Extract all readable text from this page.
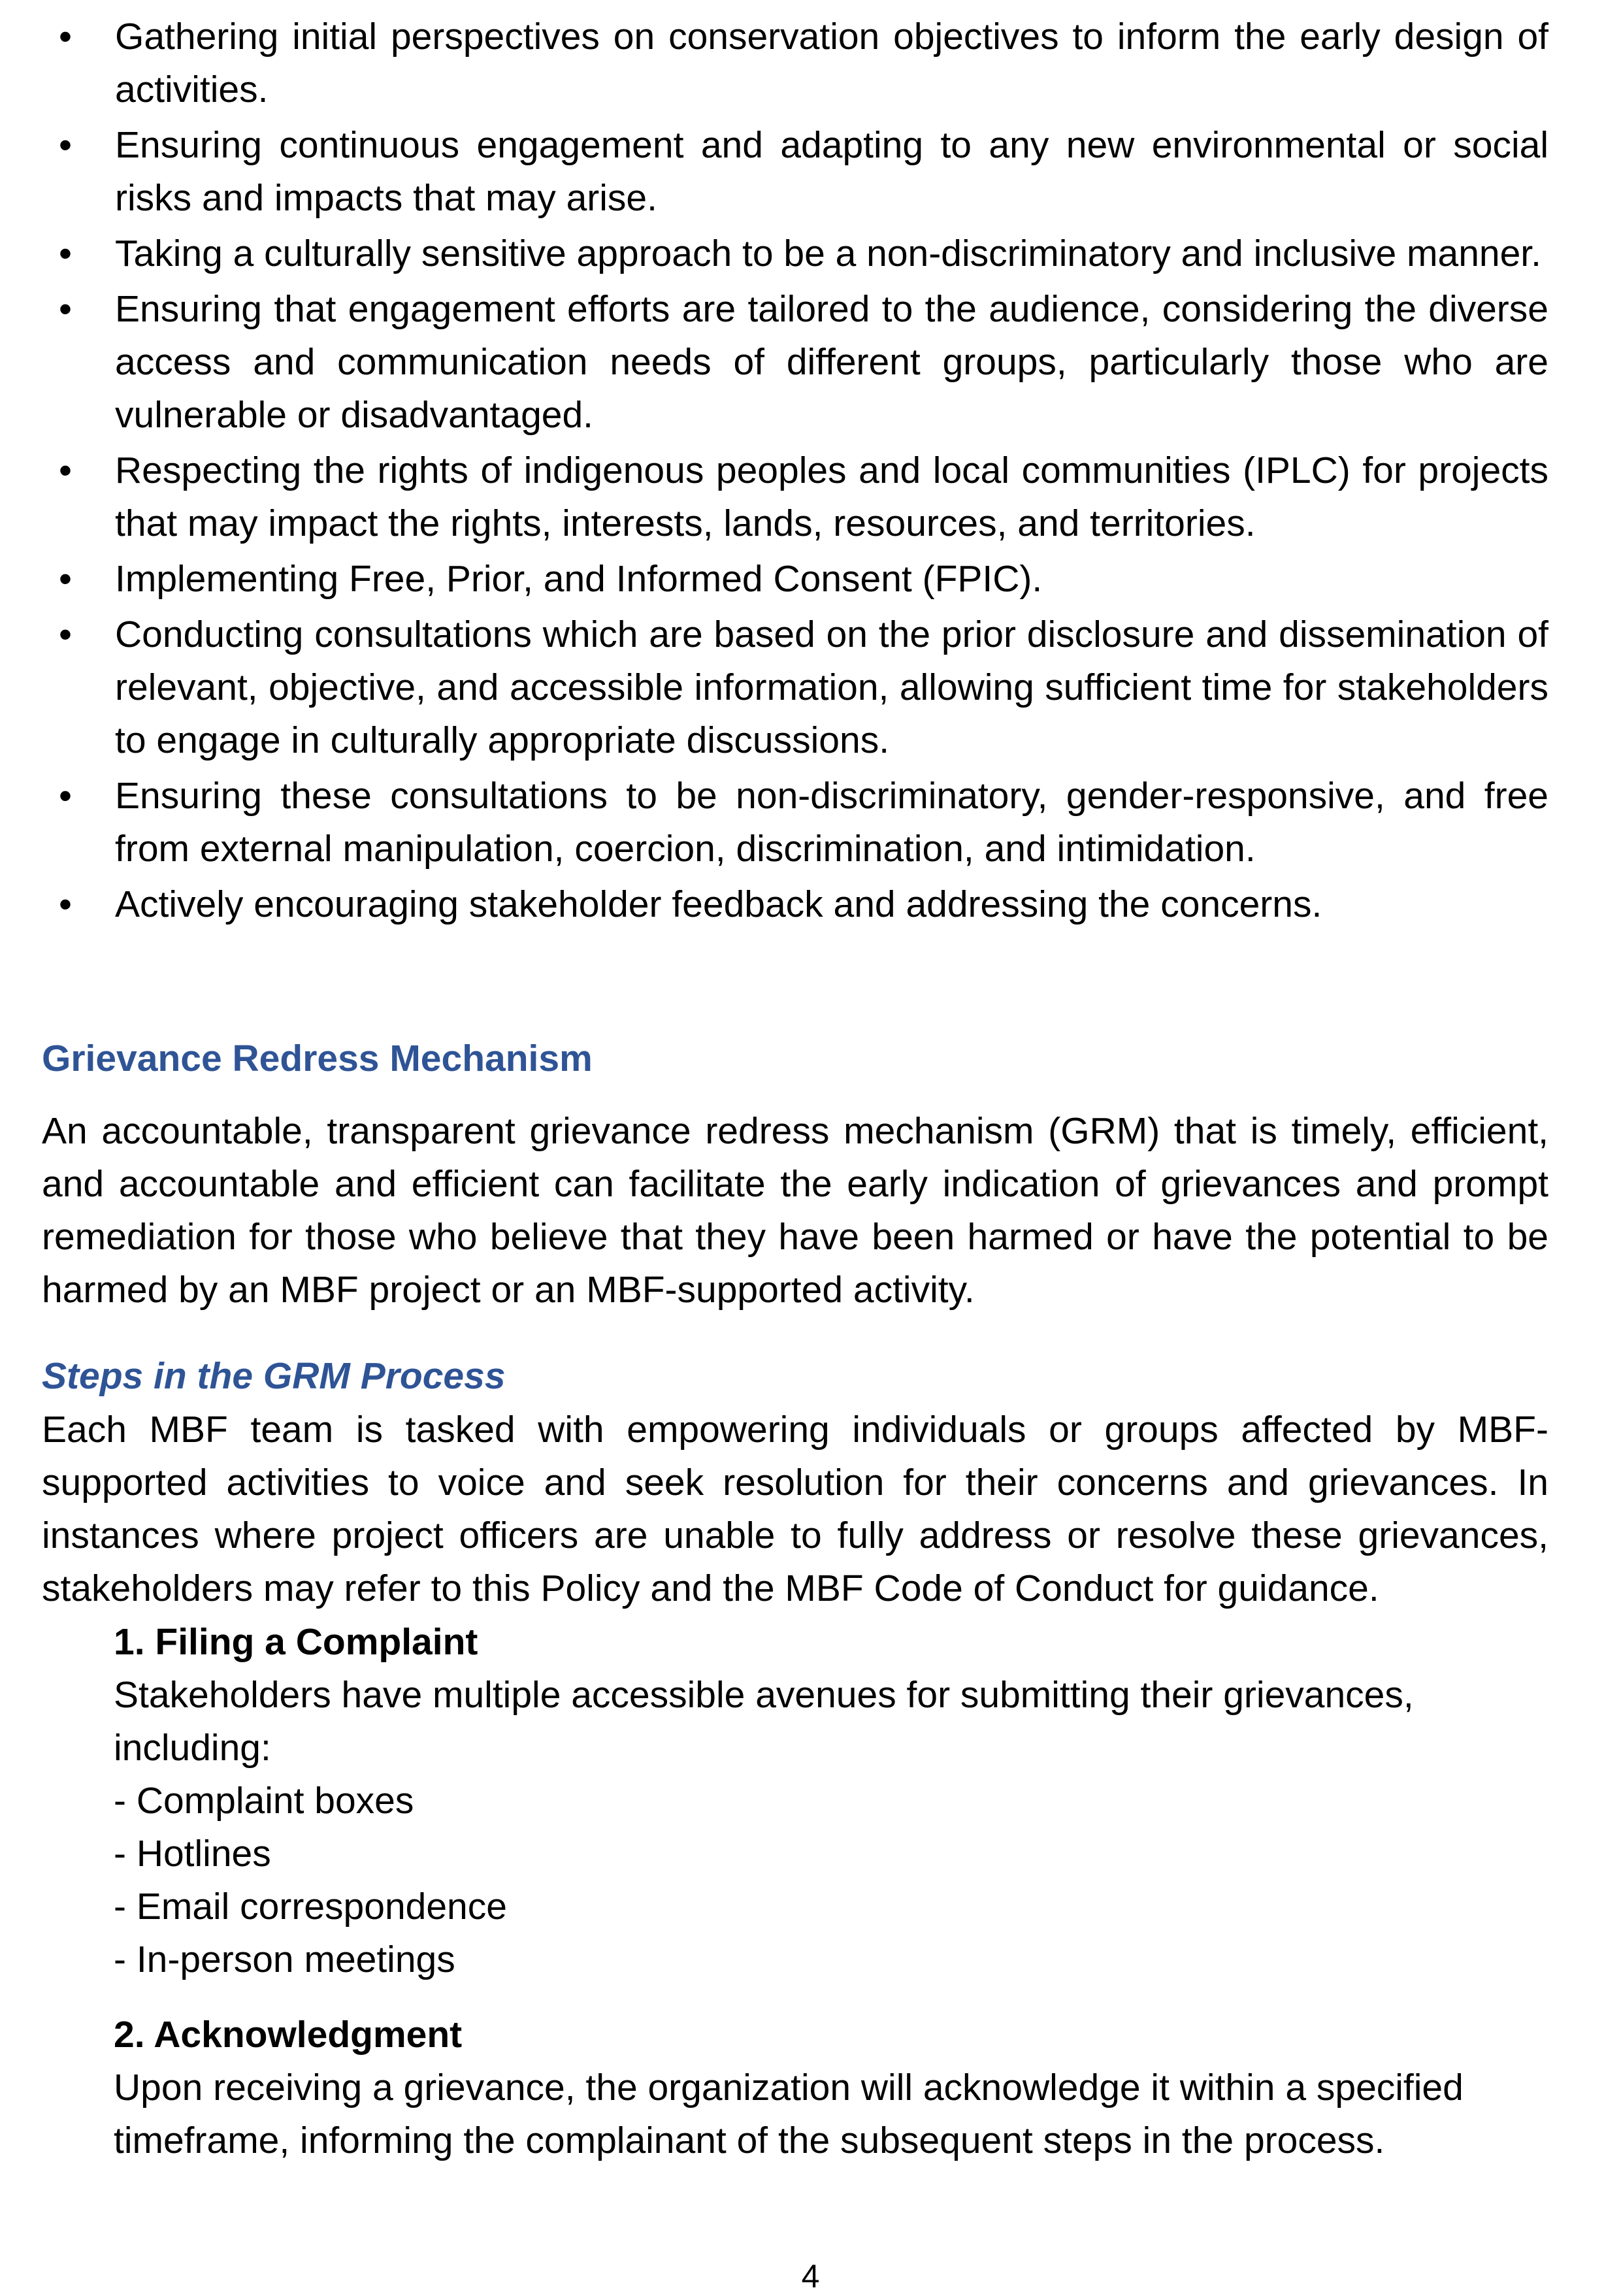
• Gathering initial perspectives on conservation objectives to inform the early design of activities.
• Ensuring continuous engagement and adapting to any new environmental or social risks and impacts that may arise.
• Taking a culturally sensitive approach to be a non-discriminatory and inclusive manner.
• Ensuring that engagement efforts are tailored to the audience, considering the diverse access and communication needs of different groups, particularly those who are vulnerable or disadvantaged.
• Respecting the rights of indigenous peoples and local communities (IPLC) for projects that may impact the rights, interests, lands, resources, and territories.
• Implementing Free, Prior, and Informed Consent (FPIC).
• Conducting consultations which are based on the prior disclosure and dissemination of relevant, objective, and accessible information, allowing sufficient time for stakeholders to engage in culturally appropriate discussions.
• Ensuring these consultations to be non-discriminatory, gender-responsive, and free from external manipulation, coercion, discrimination, and intimidation.
• Actively encouraging stakeholder feedback and addressing the concerns.
Grievance Redress Mechanism

An accountable, transparent grievance redress mechanism (GRM) that is timely, efficient, and accountable and efficient can facilitate the early indication of grievances and prompt remediation for those who believe that they have been harmed or have the potential to be harmed by an MBF project or an MBF-supported activity.

Steps in the GRM Process

Each MBF team is tasked with empowering individuals or groups affected by MBF-supported activities to voice and seek resolution for their concerns and grievances. In instances where project officers are unable to fully address or resolve these grievances, stakeholders may refer to this Policy and the MBF Code of Conduct for guidance.

1. Filing a Complaint
Stakeholders have multiple accessible avenues for submitting their grievances,
including:
- Complaint boxes
- Hotlines
- Email correspondence
- In-person meetings
2. Acknowledgment
Upon receiving a grievance, the organization will acknowledge it within a specified
timeframe, informing the complainant of the subsequent steps in the process.
4
